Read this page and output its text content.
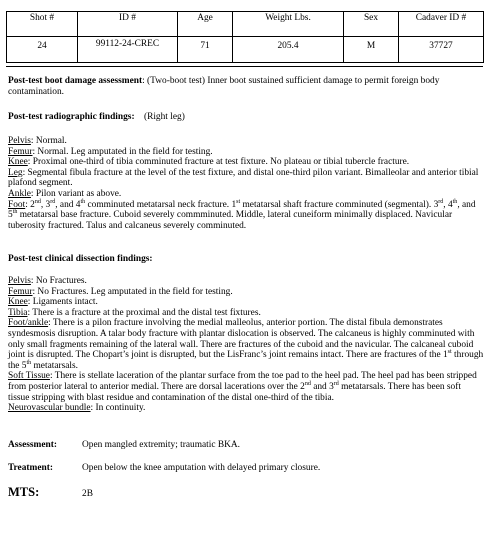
Shot #	ID #	Age	Weight Lbs.	Sex	Cadaver ID #
24	99112-24-CREC	71	205.4	M	37727

Post-test boot damage assessment: (Two-boot test) Inner boot sustained sufficient damage to permit foreign body contamination.

Post-test radiographic findings: (Right leg)

Pelvis: Normal.

Femur: Normal. Leg amputated in the field for testing.

Knee: Proximal one-third of tibia comminuted fracture at test fixture. No plateau or tibial tubercle fracture.

Leg: Segmental fibula fracture at the level of the test fixture, and distal one-third pilon variant. Bimalleolar and anterior tibial plafond segment.

Ankle: Pilon variant as above.

Foot: 2nd, 3rd, and 4th comminuted metatarsal neck fracture. 1st metatarsal shaft fracture comminuted (segmental). 3rd, 4th, and 5th metatarsal base fracture. Cuboid severely commminuted. Middle, lateral cuneiform minimally displaced. Navicular tuberosity fractured. Talus and calcaneus severely comminuted.

Post-test clinical dissection findings:

Pelvis: No Fractures.

Femur: No Fractures. Leg amputated in the field for testing.

Knee: Ligaments intact.

Tibia: There is a fracture at the proximal and the distal test fixtures.

Foot/ankle: There is a pilon fracture involving the medial malleolus, anterior portion. The distal fibula demonstrates syndesmosis disruption. A talar body fracture with plantar dislocation is observed. The calcaneus is highly comminuted with only small fragments remaining of the lateral wall. There are fractures of the cuboid and the navicular. The calcaneal cuboid joint is disrupted. The Chopart’s joint is disrupted, but the LisFranc’s joint remains intact. There are fractures of the 1st through the 5th metatarsals.

Soft Tissue: There is stellate laceration of the plantar surface from the toe pad to the heel pad. The heel pad has been stripped from posterior lateral to anterior medial. There are dorsal lacerations over the 2nd and 3rd metatarsals. There has been soft tissue stripping with blast residue and contamination of the distal one-third of the tibia.

Neurovascular bundle: In continuity.

Assessment:	Open mangled extremity; traumatic BKA.
Treatment:	Open below the knee amputation with delayed primary closure.
MTS:	2B
